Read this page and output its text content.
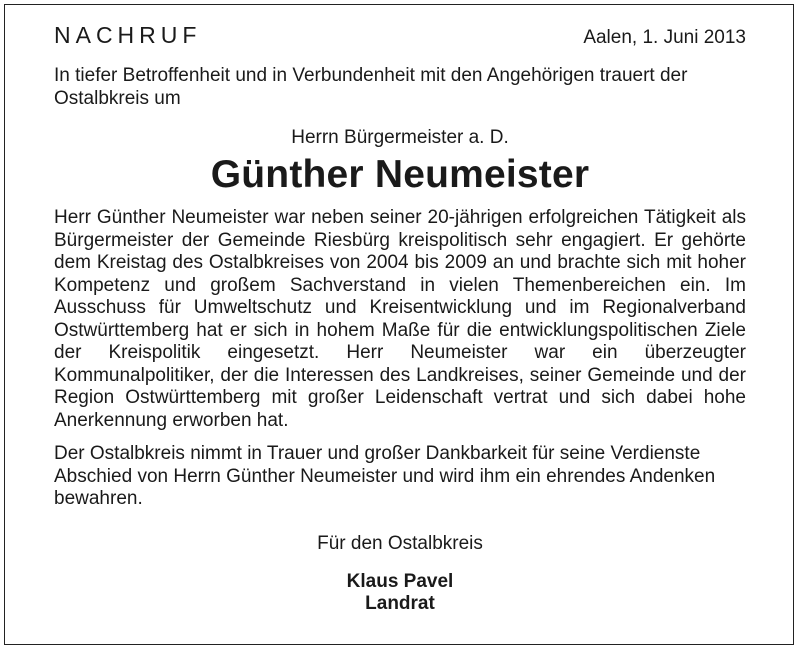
NACHRUF	Aalen, 1. Juni 2013

In tiefer Betroffenheit und in Verbundenheit mit den Angehörigen trauert der Ostalbkreis um

Herrn Bürgermeister a. D.
Günther Neumeister

Herr Günther Neumeister war neben seiner 20-jährigen erfolgreichen Tätigkeit als Bürgermeister der Gemeinde Riesbürg kreispolitisch sehr engagiert. Er gehörte dem Kreistag des Ostalbkreises von 2004 bis 2009 an und brachte sich mit hoher Kompetenz und großem Sachverstand in vielen Themenbereichen ein. Im Ausschuss für Umweltschutz und Kreisentwicklung und im Regionalverband Ostwürttemberg hat er sich in hohem Maße für die entwicklungspolitischen Ziele der Kreispolitik eingesetzt. Herr Neumeister war ein überzeugter Kommunalpolitiker, der die Interessen des Landkreises, seiner Gemeinde und der Region Ostwürttemberg mit großer Leidenschaft vertrat und sich dabei hohe Anerkennung erworben hat.

Der Ostalbkreis nimmt in Trauer und großer Dankbarkeit für seine Verdienste Abschied von Herrn Günther Neumeister und wird ihm ein ehrendes Andenken bewahren.

Für den Ostalbkreis
Klaus Pavel
Landrat
